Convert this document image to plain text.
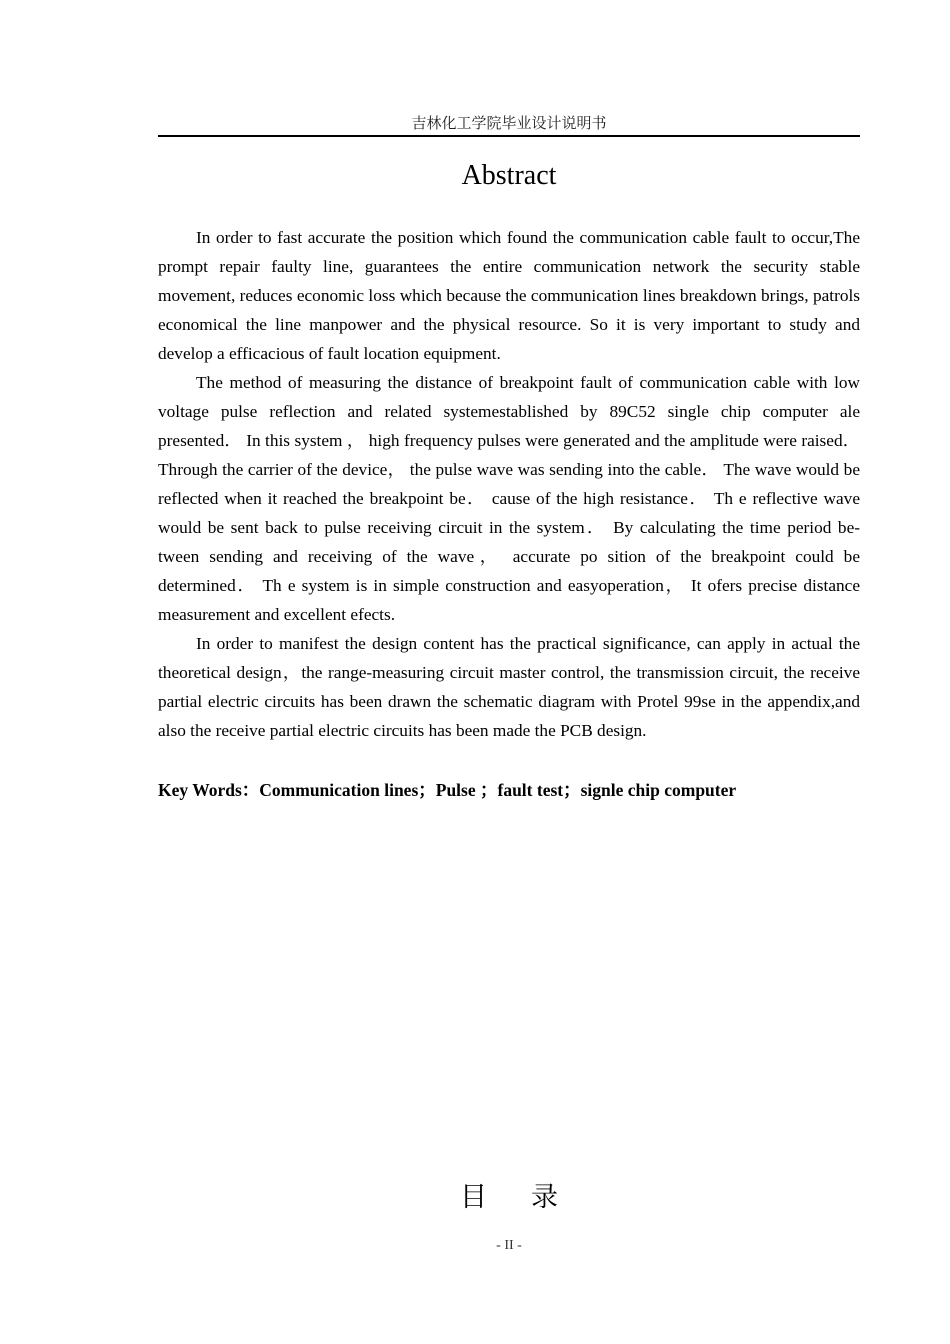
吉林化工学院毕业设计说明书
Abstract

In order to fast accurate the position which found the communication cable fault to occur,The prompt repair faulty line, guarantees the entire communication network the security stable movement, reduces economic loss which because the communication lines breakdown brings, patrols economical the line manpower and the physical resource. So it is very important to study and develop a efficacious of fault location equipment.

The method of measuring the distance of breakpoint fault of communication cable with low voltage pulse reflection and related systemestablished by 89C52 single chip computer ale presented． In this system ， high frequency pulses were generated and the amplitude were raised． Through the carrier of the device， the pulse wave was sending into the cable． The wave would be reflected when it reached the breakpoint be． cause of the high resistance． Th e reflective wave would be sent back to pulse receiving circuit in the system． By calculating the time period be-tween sending and receiving of the wave， accurate po sition of the breakpoint could be determined． Th e system is in simple construction and easyoperation， It ofers precise distance measurement and excellent efects.

In order to manifest the design content has the practical significance, can apply in actual the theoretical design，the range-measuring circuit master control, the transmission circuit, the receive partial electric circuits has been drawn the schematic diagram with Protel 99se in the appendix,and also the receive partial electric circuits has been made the PCB design.

Key Words：Communication lines；Pulse ；fault test；signle chip computer
目录
- II -
